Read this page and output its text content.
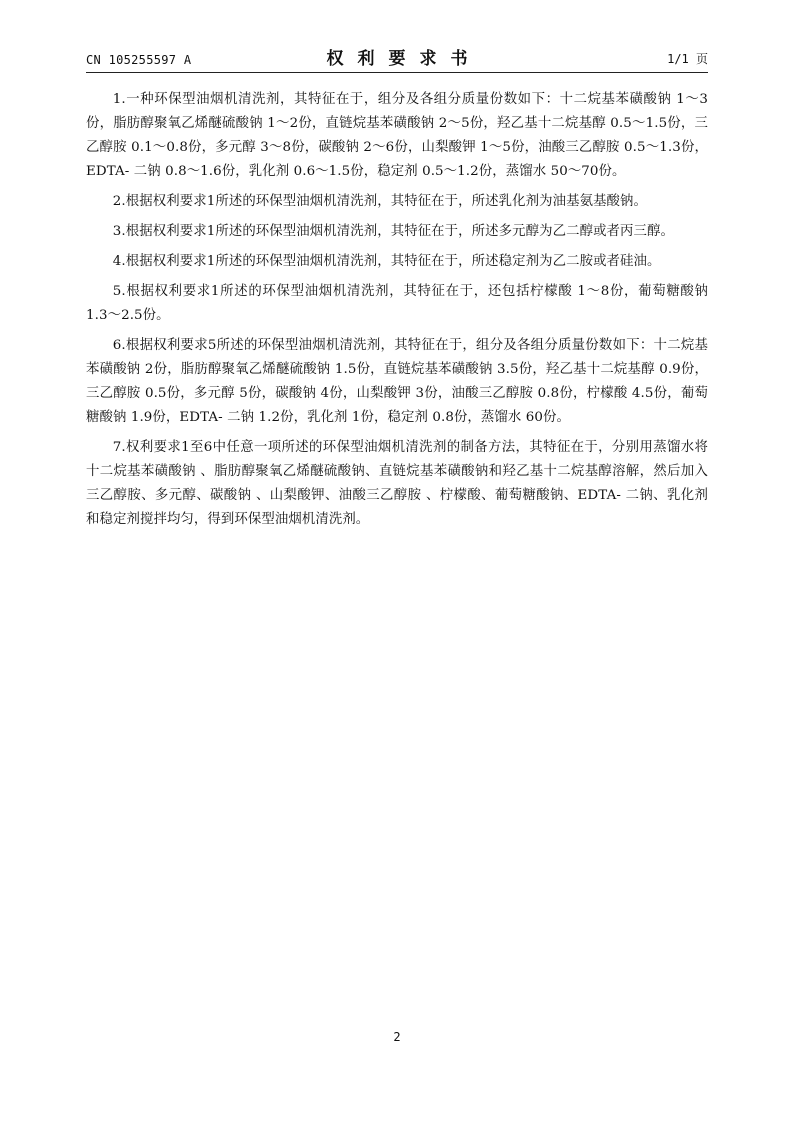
CN 105255597 A	权利要求书	1/1 页

1.一种环保型油烟机清洗剂，其特征在于，组分及各组分质量份数如下：十二烷基苯磺酸钠 1～3份，脂肪醇聚氧乙烯醚硫酸钠 1～2份，直链烷基苯磺酸钠 2～5份，羟乙基十二烷基醇 0.5～1.5份，三乙醇胺 0.1～0.8份，多元醇 3～8份，碳酸钠 2～6份，山梨酸钾 1～5份，油酸三乙醇胺 0.5～1.3份，EDTA- 二钠 0.8～1.6份，乳化剂 0.6～1.5份，稳定剂 0.5～1.2份，蒸馏水 50～70份。

2.根据权利要求1所述的环保型油烟机清洗剂，其特征在于，所述乳化剂为油基氨基酸钠。

3.根据权利要求1所述的环保型油烟机清洗剂，其特征在于，所述多元醇为乙二醇或者丙三醇。

4.根据权利要求1所述的环保型油烟机清洗剂，其特征在于，所述稳定剂为乙二胺或者硅油。

5.根据权利要求1所述的环保型油烟机清洗剂，其特征在于，还包括柠檬酸 1～8份，葡萄糖酸钠 1.3～2.5份。

6.根据权利要求5所述的环保型油烟机清洗剂，其特征在于，组分及各组分质量份数如下：十二烷基苯磺酸钠 2份，脂肪醇聚氧乙烯醚硫酸钠 1.5份，直链烷基苯磺酸钠 3.5份，羟乙基十二烷基醇 0.9份，三乙醇胺 0.5份，多元醇 5份，碳酸钠 4份，山梨酸钾 3份，油酸三乙醇胺 0.8份，柠檬酸 4.5份，葡萄糖酸钠 1.9份，EDTA- 二钠 1.2份，乳化剂 1份，稳定剂 0.8份，蒸馏水 60份。

7.权利要求1至6中任意一项所述的环保型油烟机清洗剂的制备方法，其特征在于，分别用蒸馏水将十二烷基苯磺酸钠 、脂肪醇聚氧乙烯醚硫酸钠、直链烷基苯磺酸钠和羟乙基十二烷基醇溶解，然后加入三乙醇胺、多元醇、碳酸钠 、山梨酸钾、油酸三乙醇胺 、柠檬酸、葡萄糖酸钠、EDTA- 二钠、乳化剂和稳定剂搅拌均匀，得到环保型油烟机清洗剂。

2
